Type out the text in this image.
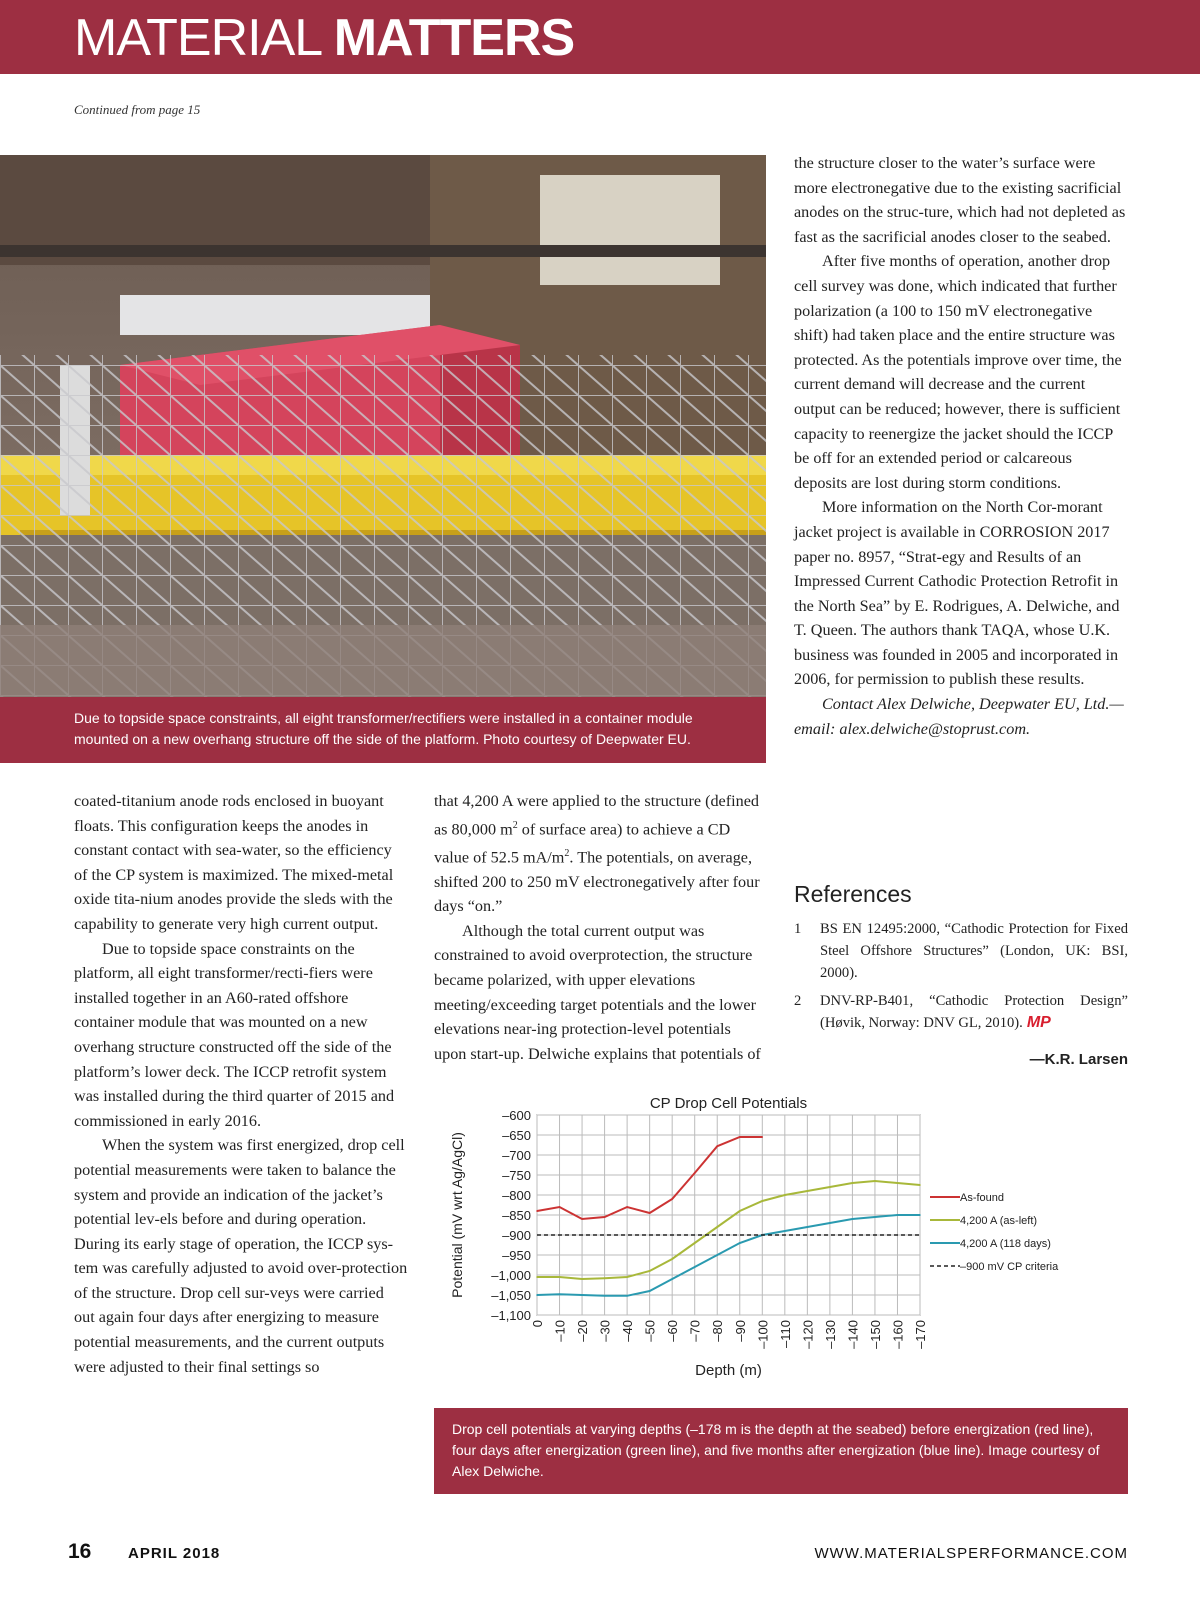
MATERIAL MATTERS
Continued from page 15
Due to topside space constraints, all eight transformer/rectifiers were installed in a container module mounted on a new overhang structure off the side of the platform. Photo courtesy of Deepwater EU.

coated-titanium anode rods enclosed in buoyant floats. This configuration keeps the anodes in constant contact with sea-water, so the efficiency of the CP system is maximized. The mixed-metal oxide tita-nium anodes provide the sleds with the capability to generate very high current output.

Due to topside space constraints on the platform, all eight transformer/recti-fiers were installed together in an A60-rated offshore container module that was mounted on a new overhang structure constructed off the side of the platform’s lower deck. The ICCP retrofit system was installed during the third quarter of 2015 and commissioned in early 2016.

When the system was first energized, drop cell potential measurements were taken to balance the system and provide an indication of the jacket’s potential lev-els before and during operation. During its early stage of operation, the ICCP sys-tem was carefully adjusted to avoid over-protection of the structure. Drop cell sur-veys were carried out again four days after energizing to measure potential measurements, and the current outputs were adjusted to their final settings so

that 4,200 A were applied to the structure (defined as 80,000 $m^2$ of surface area) to achieve a CD value of 52.5 $mA/m^2$. The potentials, on average, shifted 200 to 250 mV electronegatively after four days “on.”

Although the total current output was constrained to avoid overprotection, the structure became polarized, with upper elevations meeting/exceeding target potentials and the lower elevations near-ing protection-level potentials upon start-up. Delwiche explains that potentials of

the structure closer to the water’s surface were more electronegative due to the existing sacrificial anodes on the struc-ture, which had not depleted as fast as the sacrificial anodes closer to the seabed.

After five months of operation, another drop cell survey was done, which indicated that further polarization (a 100 to 150 mV electronegative shift) had taken place and the entire structure was protected. As the potentials improve over time, the current demand will decrease and the current output can be reduced; however, there is sufficient capacity to reenergize the jacket should the ICCP be off for an extended period or calcareous deposits are lost during storm conditions.

More information on the North Cor-morant jacket project is available in CORROSION 2017 paper no. 8957, “Strat-egy and Results of an Impressed Current Cathodic Protection Retrofit in the North Sea” by E. Rodrigues, A. Delwiche, and T. Queen. The authors thank TAQA, whose U.K. business was founded in 2005 and incorporated in 2006, for permission to publish these results.

Contact Alex Delwiche, Deepwater EU, Ltd.—email: alex.delwiche@stoprust.com.

References
1 BS EN 12495:2000, “Cathodic Protection for Fixed Steel Offshore Structures” (London, UK: BSI, 2000).
2 DNV-RP-B401, “Cathodic Protection Design” (Høvik, Norway: DNV GL, 2010). MP
—K.R. Larsen
CP Drop Cell Potentials
0 –10 –20 –30 –40 –50 –60 –70 –80 –90 –100 –110 –120 –130 –140 –150 –160 –170
–600
–650
–700
–750
–800
–850
–900
–950
–1,000
–1,050
–1,100
Potential (mV wrt Ag/AgCl)
Depth (m)
As-found
4,200 A (as-left)
4,200 A (118 days)
–900 mV CP criteria
Drop cell potentials at varying depths (–178 m is the depth at the seabed) before energization (red line), four days after energization (green line), and five months after energization (blue line). Image courtesy of Alex Delwiche.
16 APRIL 2018	WWW.MATERIALSPERFORMANCE.COM
